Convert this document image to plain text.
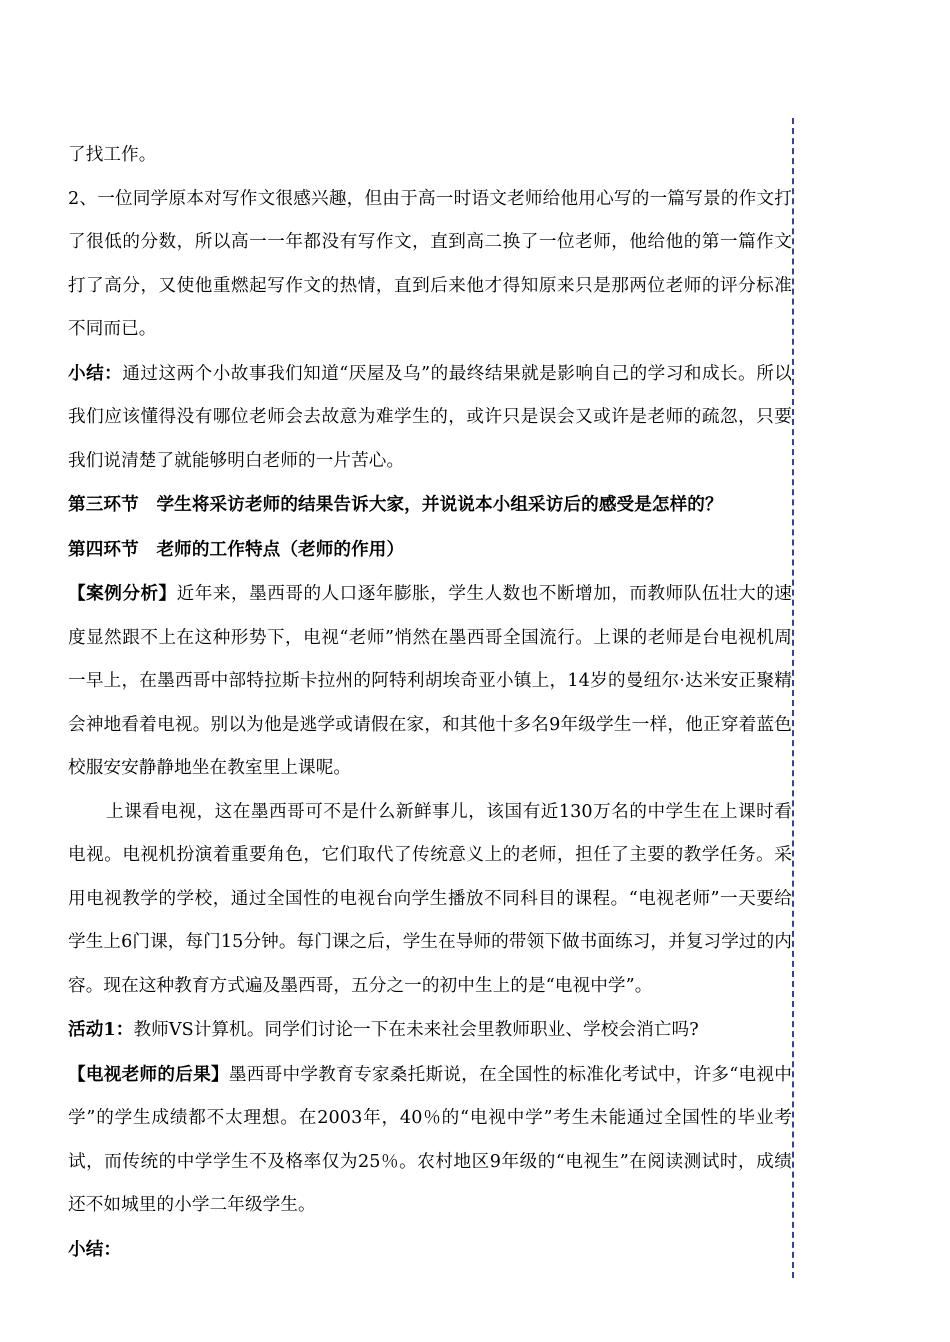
了找工作。

2、一位同学原本对写作文很感兴趣，但由于高一时语文老师给他用心写的一篇写景的作文打了很低的分数，所以高一一年都没有写作文，直到高二换了一位老师，他给他的第一篇作文打了高分，又使他重燃起写作文的热情，直到后来他才得知原来只是那两位老师的评分标准不同而已。

小结：通过这两个小故事我们知道“厌屋及乌”的最终结果就是影响自己的学习和成长。所以我们应该懂得没有哪位老师会去故意为难学生的，或许只是误会又或许是老师的疏忽，只要我们说清楚了就能够明白老师的一片苦心。

第三环节　学生将采访老师的结果告诉大家，并说说本小组采访后的感受是怎样的？

第四环节　老师的工作特点（老师的作用）

【案例分析】近年来，墨西哥的人口逐年膨胀，学生人数也不断增加，而教师队伍壮大的速度显然跟不上在这种形势下，电视“老师”悄然在墨西哥全国流行。上课的老师是台电视机周一早上，在墨西哥中部特拉斯卡拉州的阿特利胡埃奇亚小镇上，14岁的曼纽尔·达米安正聚精会神地看着电视。别以为他是逃学或请假在家，和其他十多名9年级学生一样，他正穿着蓝色校服安安静静地坐在教室里上课呢。

上课看电视，这在墨西哥可不是什么新鲜事儿，该国有近130万名的中学生在上课时看电视。电视机扮演着重要角色，它们取代了传统意义上的老师，担任了主要的教学任务。采用电视教学的学校，通过全国性的电视台向学生播放不同科目的课程。“电视老师”一天要给学生上6门课，每门15分钟。每门课之后，学生在导师的带领下做书面练习，并复习学过的内容。现在这种教育方式遍及墨西哥，五分之一的初中生上的是“电视中学”。

活动1：教师VS计算机。同学们讨论一下在未来社会里教师职业、学校会消亡吗?

【电视老师的后果】墨西哥中学教育专家桑托斯说，在全国性的标准化考试中，许多“电视中学”的学生成绩都不太理想。在2003年，40％的“电视中学”考生未能通过全国性的毕业考试，而传统的中学学生不及格率仅为25％。农村地区9年级的“电视生”在阅读测试时，成绩还不如城里的小学二年级学生。

小结：
